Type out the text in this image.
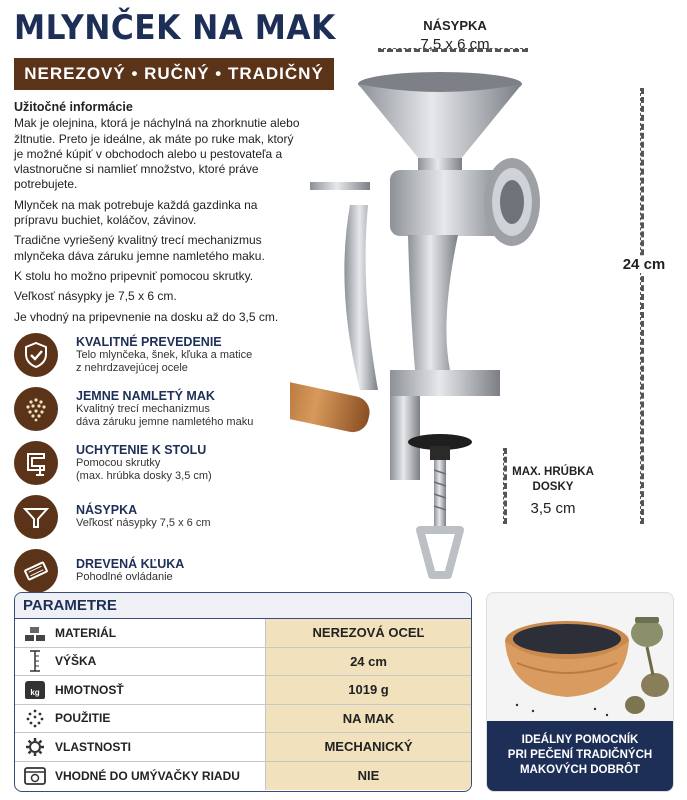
MLYNČEK NA MAK
NEREZOVÝ • RUČNÝ • TRADIČNÝ
Užitočné informácie

Mak je olejnina, ktorá je náchylná na zhorknutie alebo žltnutie. Preto je ideálne, ak máte po ruke mak, ktorý je možné kúpiť v obchodoch alebo u pestovateľa a vlastnoručne si namlieť množstvo, ktoré práve potrebujete.

Mlynček na mak potrebuje každá gazdinka na prípravu buchiet, koláčov, závinov.

Tradične vyriešený kvalitný trecí mechanizmus mlynčeka dáva záruku jemne namletého maku.

K stolu ho možno pripevniť pomocou skrutky.

Veľkosť násypky je 7,5 x 6 cm.

Je vhodný na pripevnenie na dosku až do 3,5 cm.

KVALITNÉ PREVEDENIE
Telo mlynčeka, šnek, kľuka a matice
z nehrdzavejúcej ocele
JEMNE NAMLETÝ MAK
Kvalitný trecí mechanizmus
dáva záruku jemne namletého maku
UCHYTENIE K STOLU
Pomocou skrutky
(max. hrúbka dosky 3,5 cm)
NÁSYPKA
Veľkosť násypky 7,5 x 6 cm
DREVENÁ KĽUKA
Pohodlné ovládanie
NÁSYPKA
7,5 x 6 cm
24 cm
MAX. HRÚBKA
DOSKY
3,5 cm
PARAMETRE
MATERIÁL	NEREZOVÁ OCEĽ
VÝŠKA	24 cm
kg	HMOTNOSŤ	1019 g
POUŽITIE	NA MAK
VLASTNOSTI	MECHANICKÝ
VHODNÉ DO UMÝVAČKY RIADU	NIE
IDEÁLNY POMOCNÍK
PRI PEČENÍ TRADIČNÝCH
MAKOVÝCH DOBRÔT
